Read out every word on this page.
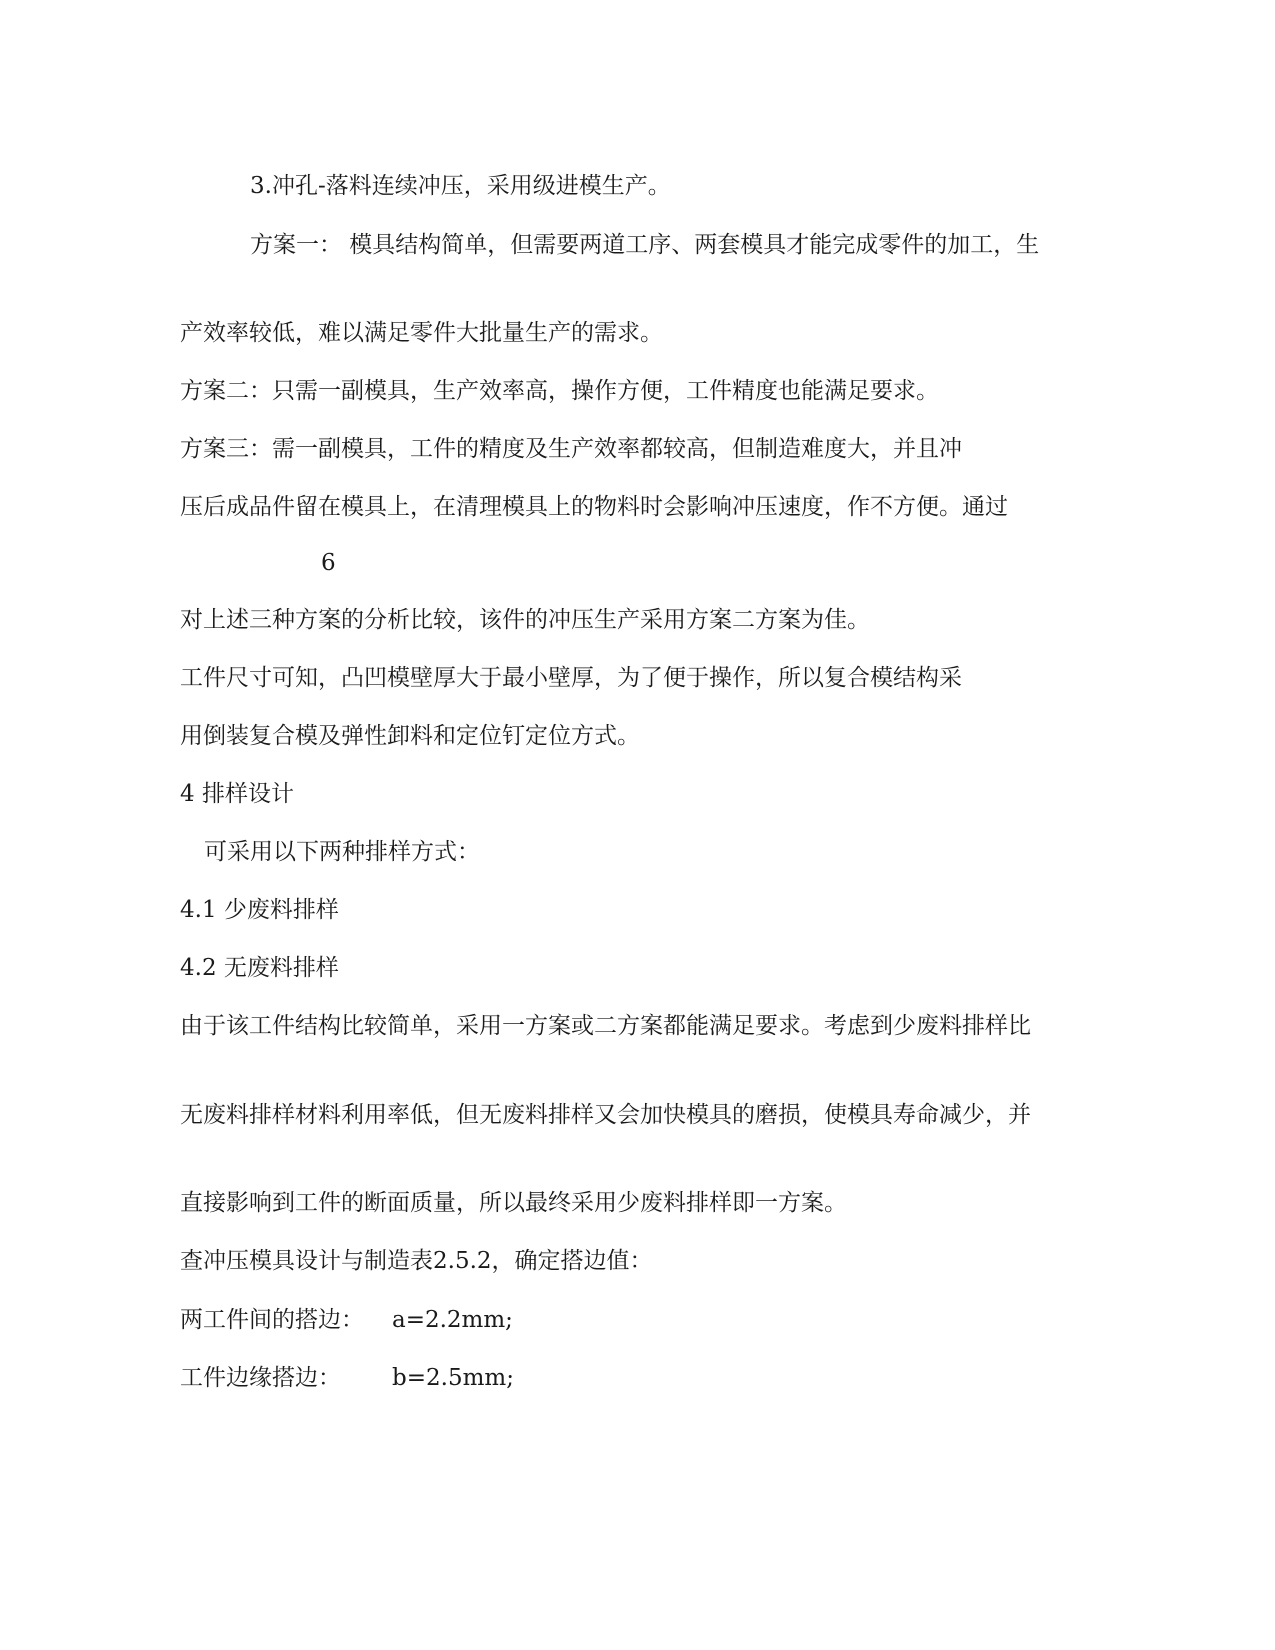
3.冲孔-落料连续冲压，采用级进模生产。

方案一： 模具结构简单，但需要两道工序、两套模具才能完成零件的加工，生

产效率较低，难以满足零件大批量生产的需求。

方案二：只需一副模具，生产效率高，操作方便，工件精度也能满足要求。

方案三：需一副模具，工件的精度及生产效率都较高，但制造难度大，并且冲

压后成品件留在模具上，在清理模具上的物料时会影响冲压速度，作不方便。通过

6

对上述三种方案的分析比较，该件的冲压生产采用方案二方案为佳。

工件尺寸可知，凸凹模壁厚大于最小壁厚，为了便于操作，所以复合模结构采

用倒装复合模及弹性卸料和定位钉定位方式。

4 排样设计

可采用以下两种排样方式：

4.1 少废料排样

4.2 无废料排样

由于该工件结构比较简单，采用一方案或二方案都能满足要求。考虑到少废料排样比

无废料排样材料利用率低，但无废料排样又会加快模具的磨损，使模具寿命减少，并

直接影响到工件的断面质量，所以最终采用少废料排样即一方案。

查冲压模具设计与制造表2.5.2，确定搭边值：

两工件间的搭边： a=2.2mm;

工件边缘搭边： b=2.5mm;
